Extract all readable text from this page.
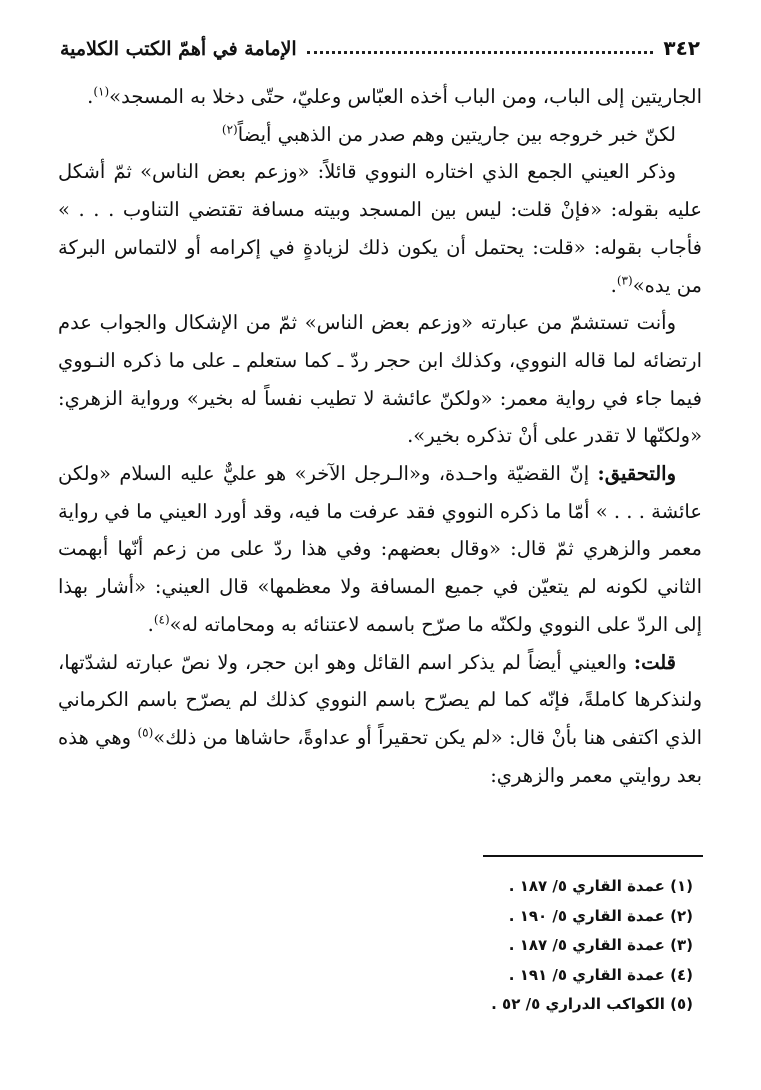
٣٤٢
الإمامة في أهمّ الكتب الكلامية

الجاريتين إلى الباب، ومن الباب أخذه العبّاس وعليّ، حتّى دخلا به المسجد»$^{(١)}$.

لكنّ خبر خروجه بين جاريتين وهم صدر من الذهبي أيضاً$^{(٢)}$

وذكر العيني الجمع الذي اختاره النووي قائلاً: «وزعم بعض الناس» ثمّ أشكل عليه بقوله: «فإنْ قلت: ليس بين المسجد وبيته مسافة تقتضي التناوب . . . » فأجاب بقوله: «قلت: يحتمل أن يكون ذلك لزيادةٍ في إكرامه أو لالتماس البركة من يده»$^{(٣)}$.

وأنت تستشمّ من عبارته «وزعم بعض الناس» ثمّ من الإشكال والجواب عدم ارتضائه لما قاله النووي، وكذلك ابن حجر ردّ ـ كما ستعلم ـ على ما ذكره النـووي فيما جاء في رواية معمر: «ولكنّ عائشة لا تطيب نفساً له بخير» ورواية الزهري: «ولكنّها لا تقدر على أنْ تذكره بخير».

والتحقيق: إنّ القضيّة واحـدة، و«الـرجل الآخر» هو عليٌّ عليه السلام «ولكن عائشة . . . » أمّا ما ذكره النووي فقد عرفت ما فيه، وقد أورد العيني ما في رواية معمر والزهري ثمّ قال: «وقال بعضهم: وفي هذا ردّ على من زعم أنّها أبهمت الثاني لكونه لم يتعيّن في جميع المسافة ولا معظمها» قال العيني: «أشار بهذا إلى الردّ على النووي ولكنّه ما صرّح باسمه لاعتنائه به ومحاماته له»$^{(٤)}$.

قلت: والعيني أيضاً لم يذكر اسم القائل وهو ابن حجر، ولا نصّ عبارته لشدّتها، ولنذكرها كاملةً، فإنّه كما لم يصرّح باسم النووي كذلك لم يصرّح باسم الكرماني الذي اكتفى هنا بأنْ قال: «لم يكن تحقيراً أو عداوةً، حاشاها من ذلك»$^{(٥)}$ وهي هذه بعد روايتي معمر والزهري:

(١) عمدة القاري ٥/ ١٨٧ .
(٢) عمدة القاري ٥/ ١٩٠ .
(٣) عمدة القاري ٥/ ١٨٧ .
(٤) عمدة القاري ٥/ ١٩١ .
(٥) الكواكب الدراري ٥/ ٥٢ .
